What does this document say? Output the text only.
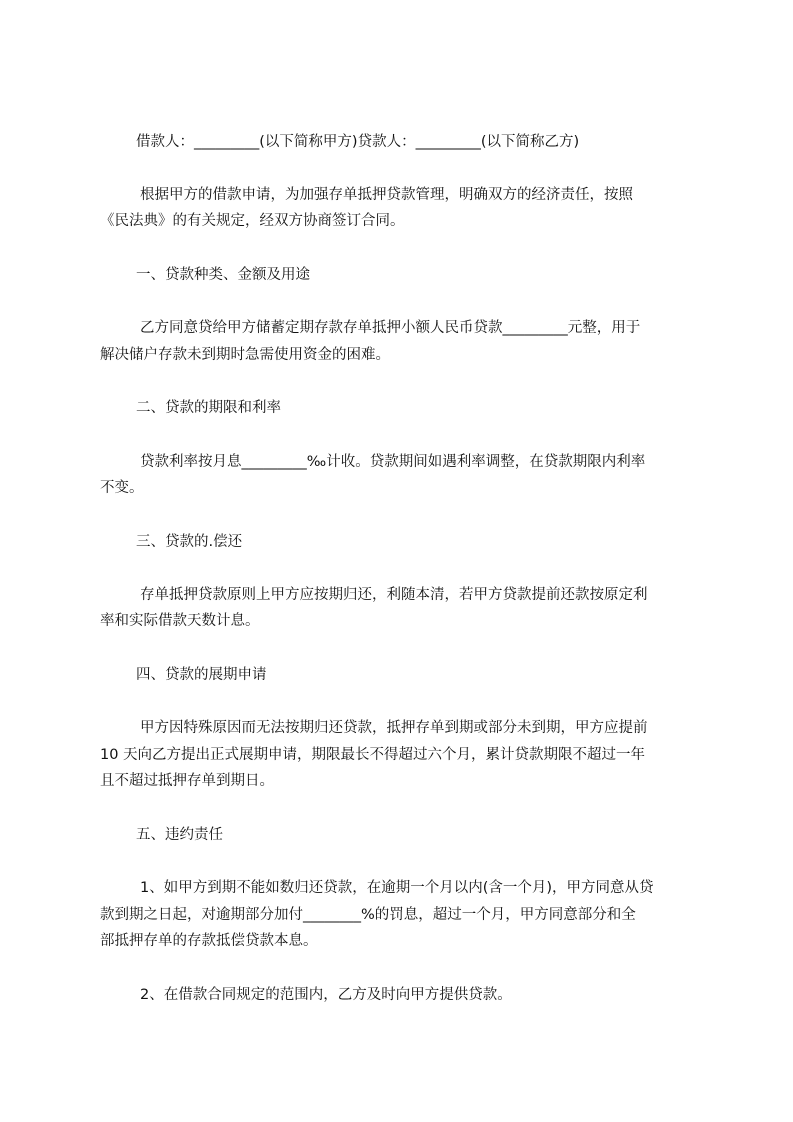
借款人：_________(以下简称甲方)贷款人：_________(以下简称乙方)
根据甲方的借款申请，为加强存单抵押贷款管理，明确双方的经济责任，按照
《民法典》的有关规定，经双方协商签订合同。
一、贷款种类、金额及用途
乙方同意贷给甲方储蓄定期存款存单抵押小额人民币贷款_________元整，用于
解决储户存款未到期时急需使用资金的困难。
二、贷款的期限和利率
贷款利率按月息_________‰计收。贷款期间如遇利率调整，在贷款期限内利率
不变。
三、贷款的.偿还
存单抵押贷款原则上甲方应按期归还，利随本清，若甲方贷款提前还款按原定利
率和实际借款天数计息。
四、贷款的展期申请
甲方因特殊原因而无法按期归还贷款，抵押存单到期或部分未到期，甲方应提前
10 天向乙方提出正式展期申请，期限最长不得超过六个月，累计贷款期限不超过一年
且不超过抵押存单到期日。
五、违约责任
1、如甲方到期不能如数归还贷款，在逾期一个月以内(含一个月)，甲方同意从贷
款到期之日起，对逾期部分加付________%的罚息，超过一个月，甲方同意部分和全
部抵押存单的存款抵偿贷款本息。
2、在借款合同规定的范围内，乙方及时向甲方提供贷款。
